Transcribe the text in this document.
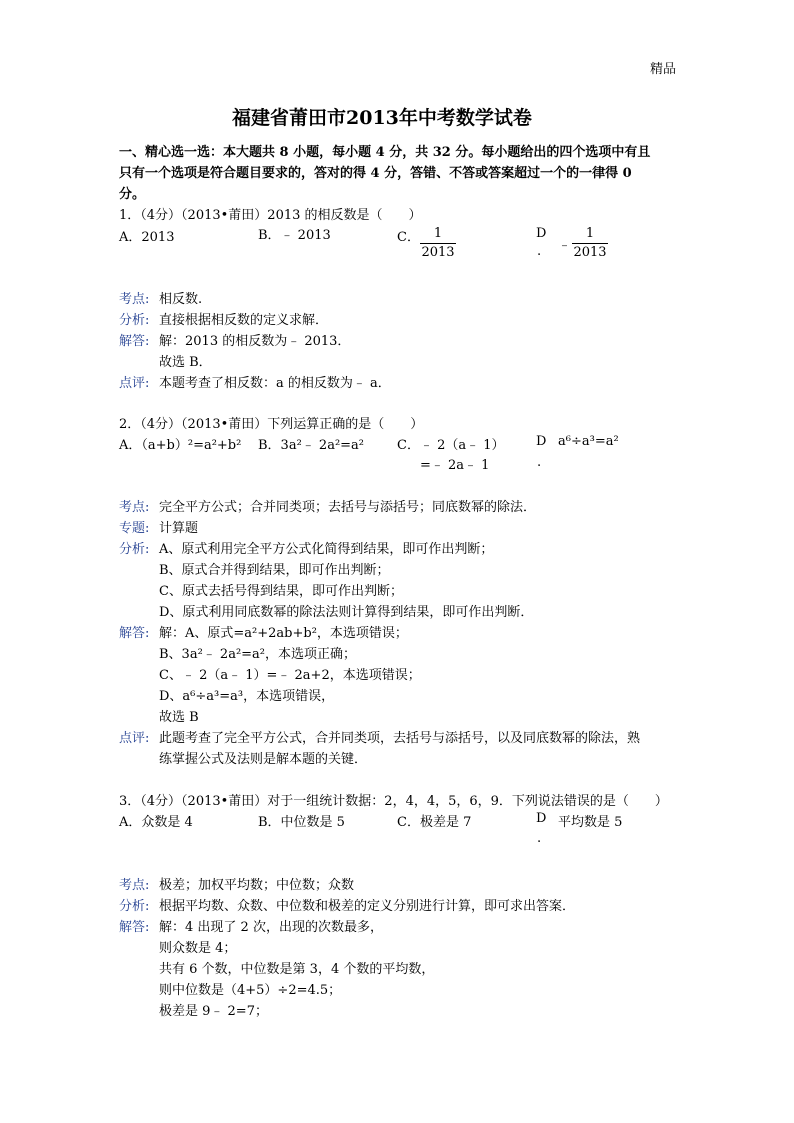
精品
福建省莆田市2013年中考数学试卷
一、精心选一选：本大题共 8 小题，每小题 4 分，共 32 分。每小题给出的四个选项中有且
只有一个选项是符合题目要求的，答对的得 4 分，答错、不答或答案超过一个的一律得 0
分。
1．（4分）（2013•莆田）2013 的相反数是（　　）
A．2013	B．﹣ 2013	C．	1
2013
D
. ﹣
1
2013
考点: 相反数.
分析: 直接根据相反数的定义求解．
解答: 解：2013 的相反数为﹣ 2013．
故选 B．
点评: 本题考查了相反数：a 的相反数为﹣ a．
2．（4分）（2013•莆田）下列运算正确的是（　　）
A．（a+b）²=a²+b² B．3a²﹣ 2a²=a²	C．﹣ 2（a﹣ 1）
=﹣ 2a﹣ 1
D
.
a⁶÷a³=a²
考点: 完全平方公式；合并同类项；去括号与添括号；同底数幂的除法．
专题: 计算题
分析: A、原式利用完全平方公式化简得到结果，即可作出判断；
B、原式合并得到结果，即可作出判断；
C、原式去括号得到结果，即可作出判断；
D、原式利用同底数幂的除法法则计算得到结果，即可作出判断．
解答: 解：A、原式=a²+2ab+b²，本选项错误；
B、3a²﹣ 2a²=a²，本选项正确；
C、﹣ 2（a﹣ 1）=﹣ 2a+2，本选项错误；
D、a⁶÷a³=a³，本选项错误，
故选 B
点评: 此题考查了完全平方公式，合并同类项，去括号与添括号，以及同底数幂的除法，熟
练掌握公式及法则是解本题的关键．
3．（4分）（2013•莆田）对于一组统计数据：2，4，4，5，6，9．下列说法错误的是（　　）
A．众数是 4	B．中位数是 5	C．极差是 7	D
.
平均数是 5
考点: 极差；加权平均数；中位数；众数
分析: 根据平均数、众数、中位数和极差的定义分别进行计算，即可求出答案．
解答: 解：4 出现了 2 次，出现的次数最多，
则众数是 4；
共有 6 个数，中位数是第 3，4 个数的平均数，
则中位数是（4+5）÷2=4.5；
极差是 9﹣ 2=7；
